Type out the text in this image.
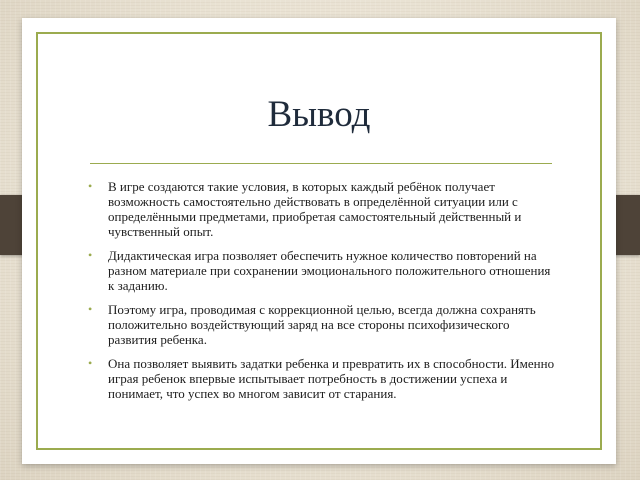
Вывод
• В игре создаются такие условия, в которых каждый ребёнок получает возможность самостоятельно действовать в определённой ситуации или с определёнными предметами, приобретая самостоятельный действенный и чувственный опыт.
• Дидактическая игра позволяет обеспечить нужное количество повторений на разном материале при сохранении эмоционального положительного отношения к заданию.
• Поэтому игра, проводимая с коррекционной целью, всегда должна сохранять положительно воздействующий заряд на все стороны психофизического развития ребенка.
• Она позволяет выявить задатки ребенка и превратить их в способности. Именно играя ребенок впервые испытывает потребность в достижении успеха и понимает, что успех во многом зависит от старания.
